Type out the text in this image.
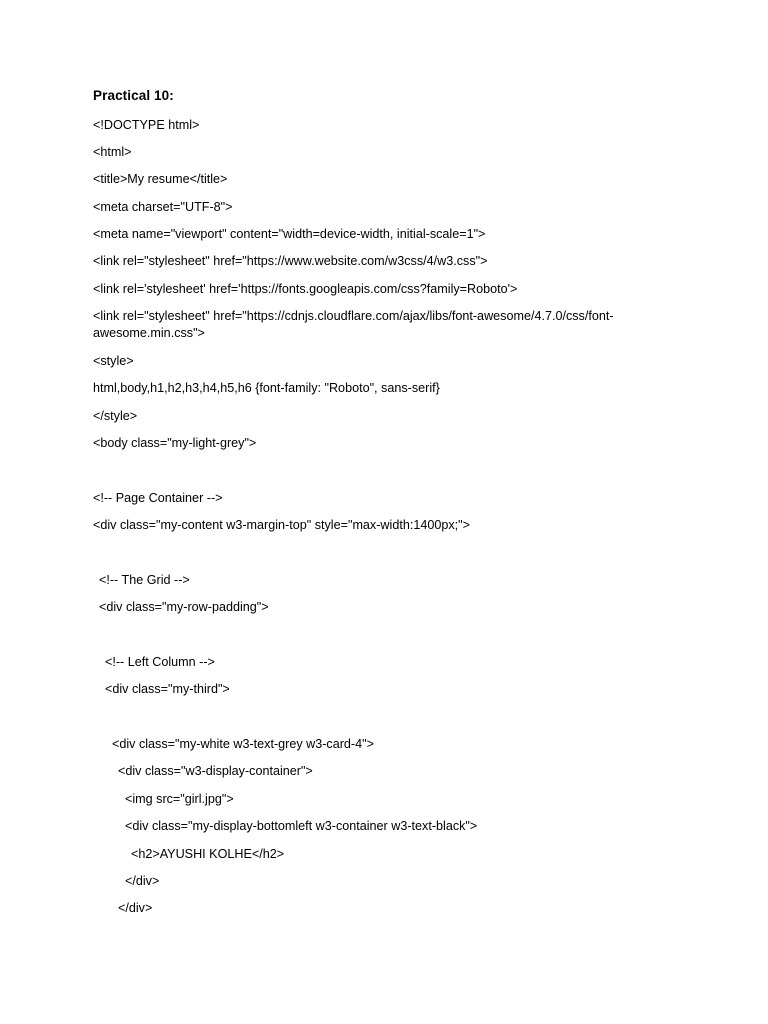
Practical 10:
<!DOCTYPE html>
<html>
<title>My resume</title>
<meta charset="UTF-8">
<meta name="viewport" content="width=device-width, initial-scale=1">
<link rel="stylesheet" href="https://www.website.com/w3css/4/w3.css">
<link rel='stylesheet' href='https://fonts.googleapis.com/css?family=Roboto'>
<link rel="stylesheet" href="https://cdnjs.cloudflare.com/ajax/libs/font-awesome/4.7.0/css/font-awesome.min.css">
<style>
html,body,h1,h2,h3,h4,h5,h6 {font-family: "Roboto", sans-serif}
</style>
<body class="my-light-grey">
<!-- Page Container -->
<div class="my-content w3-margin-top" style="max-width:1400px;">
<!-- The Grid -->
<div class="my-row-padding">
<!-- Left Column -->
<div class="my-third">
<div class="my-white w3-text-grey w3-card-4">
<div class="w3-display-container">
<img src="girl.jpg">
<div class="my-display-bottomleft w3-container w3-text-black">
<h2>AYUSHI KOLHE</h2>
</div>
</div>
